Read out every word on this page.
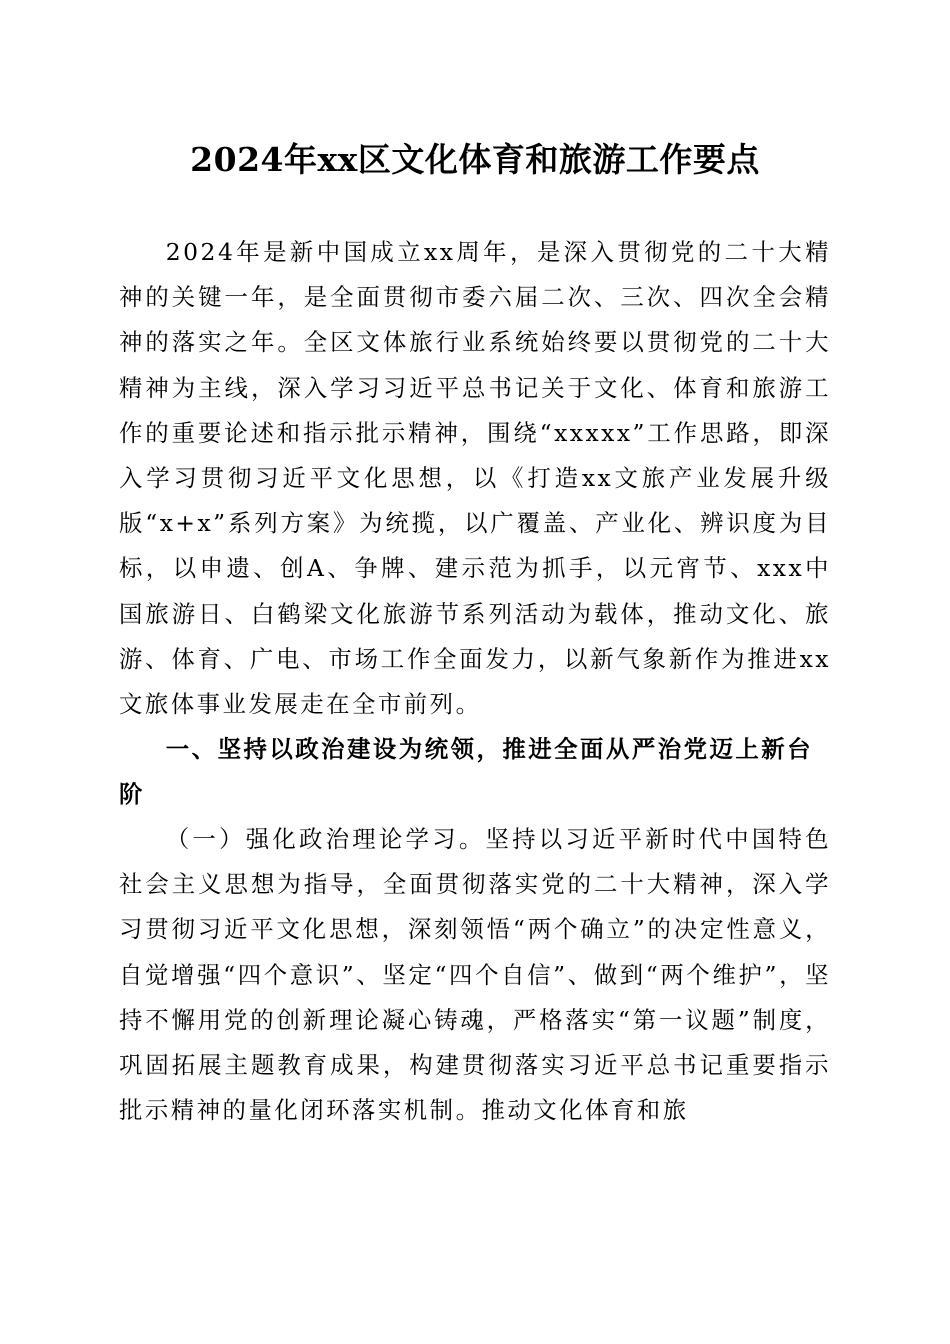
2024年xx区文化体育和旅游工作要点

2024年是新中国成立xx周年，是深入贯彻党的二十大精神的关键一年，是全面贯彻市委六届二次、三次、四次全会精神的落实之年。全区文体旅行业系统始终要以贯彻党的二十大精神为主线，深入学习习近平总书记关于文化、体育和旅游工作的重要论述和指示批示精神，围绕“xxxxx”工作思路，即深入学习贯彻习近平文化思想，以《打造xx文旅产业发展升级版“x+x”系列方案》为统揽，以广覆盖、产业化、辨识度为目标，以申遗、创A、争牌、建示范为抓手，以元宵节、xxx中国旅游日、白鹤梁文化旅游节系列活动为载体，推动文化、旅游、体育、广电、市场工作全面发力，以新气象新作为推进xx文旅体事业发展走在全市前列。

一、坚持以政治建设为统领，推进全面从严治党迈上新台阶

（一）强化政治理论学习。坚持以习近平新时代中国特色社会主义思想为指导，全面贯彻落实党的二十大精神，深入学习贯彻习近平文化思想，深刻领悟“两个确立”的决定性意义，自觉增强“四个意识”、坚定“四个自信”、做到“两个维护”，坚持不懈用党的创新理论凝心铸魂，严格落实“第一议题”制度，巩固拓展主题教育成果，构建贯彻落实习近平总书记重要指示批示精神的量化闭环落实机制。推动文化体育和旅
